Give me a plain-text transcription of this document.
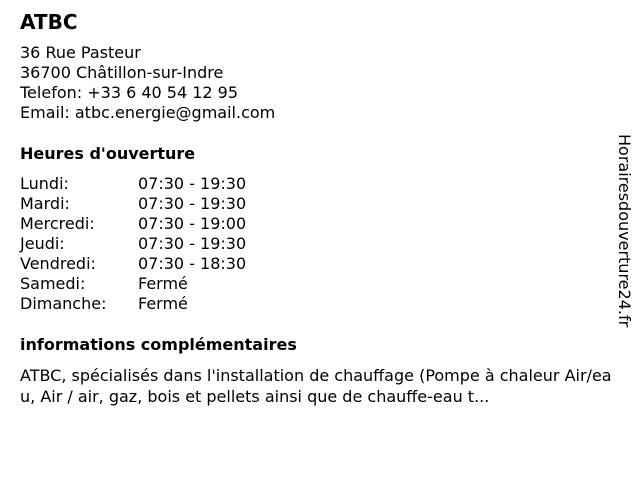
ATBC
36 Rue Pasteur
36700 Châtillon-sur-Indre
Telefon: +33 6 40 54 12 95
Email: atbc.energie@gmail.com
Heures d'ouverture
Lundi:	07:30 - 19:30
Mardi:	07:30 - 19:30
Mercredi:	07:30 - 19:00
Jeudi:	07:30 - 19:30
Vendredi:	07:30 - 18:30
Samedi:	Fermé
Dimanche: Fermé
informations complémentaires
ATBC, spécialisés dans l'installation de chauffage (Pompe à chaleur Air/eau, Air / air, gaz, bois et pellets ainsi que de chauffe-eau t...
Horairesdouverture24.fr
